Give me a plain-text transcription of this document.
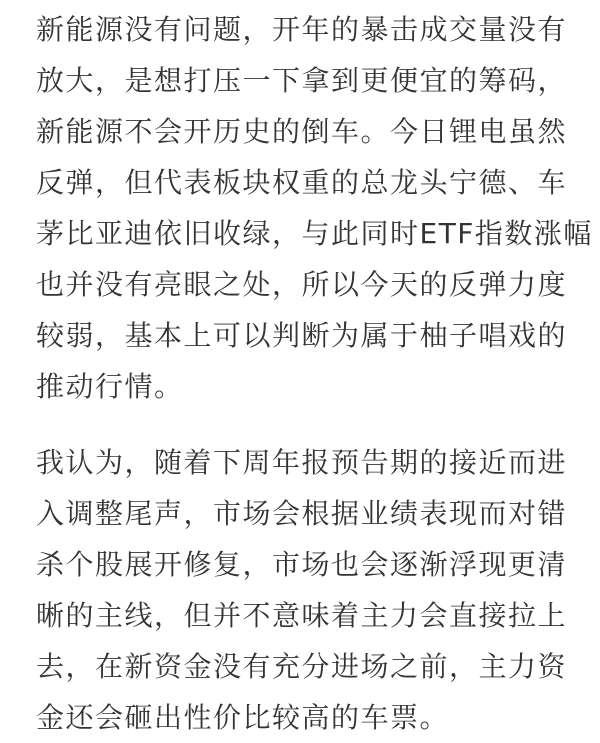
新能源没有问题，开年的暴击成交量没有
放大，是想打压一下拿到更便宜的筹码，
新能源不会开历史的倒车。今日锂电虽然
反弹，但代表板块权重的总龙头宁德、车
茅比亚迪依旧收绿，与此同时ETF指数涨幅
也并没有亮眼之处，所以今天的反弹力度
较弱，基本上可以判断为属于柚子唱戏的
推动行情。
我认为，随着下周年报预告期的接近而进
入调整尾声，市场会根据业绩表现而对错
杀个股展开修复，市场也会逐渐浮现更清
晰的主线，但并不意味着主力会直接拉上
去，在新资金没有充分进场之前，主力资
金还会砸出性价比较高的车票。
